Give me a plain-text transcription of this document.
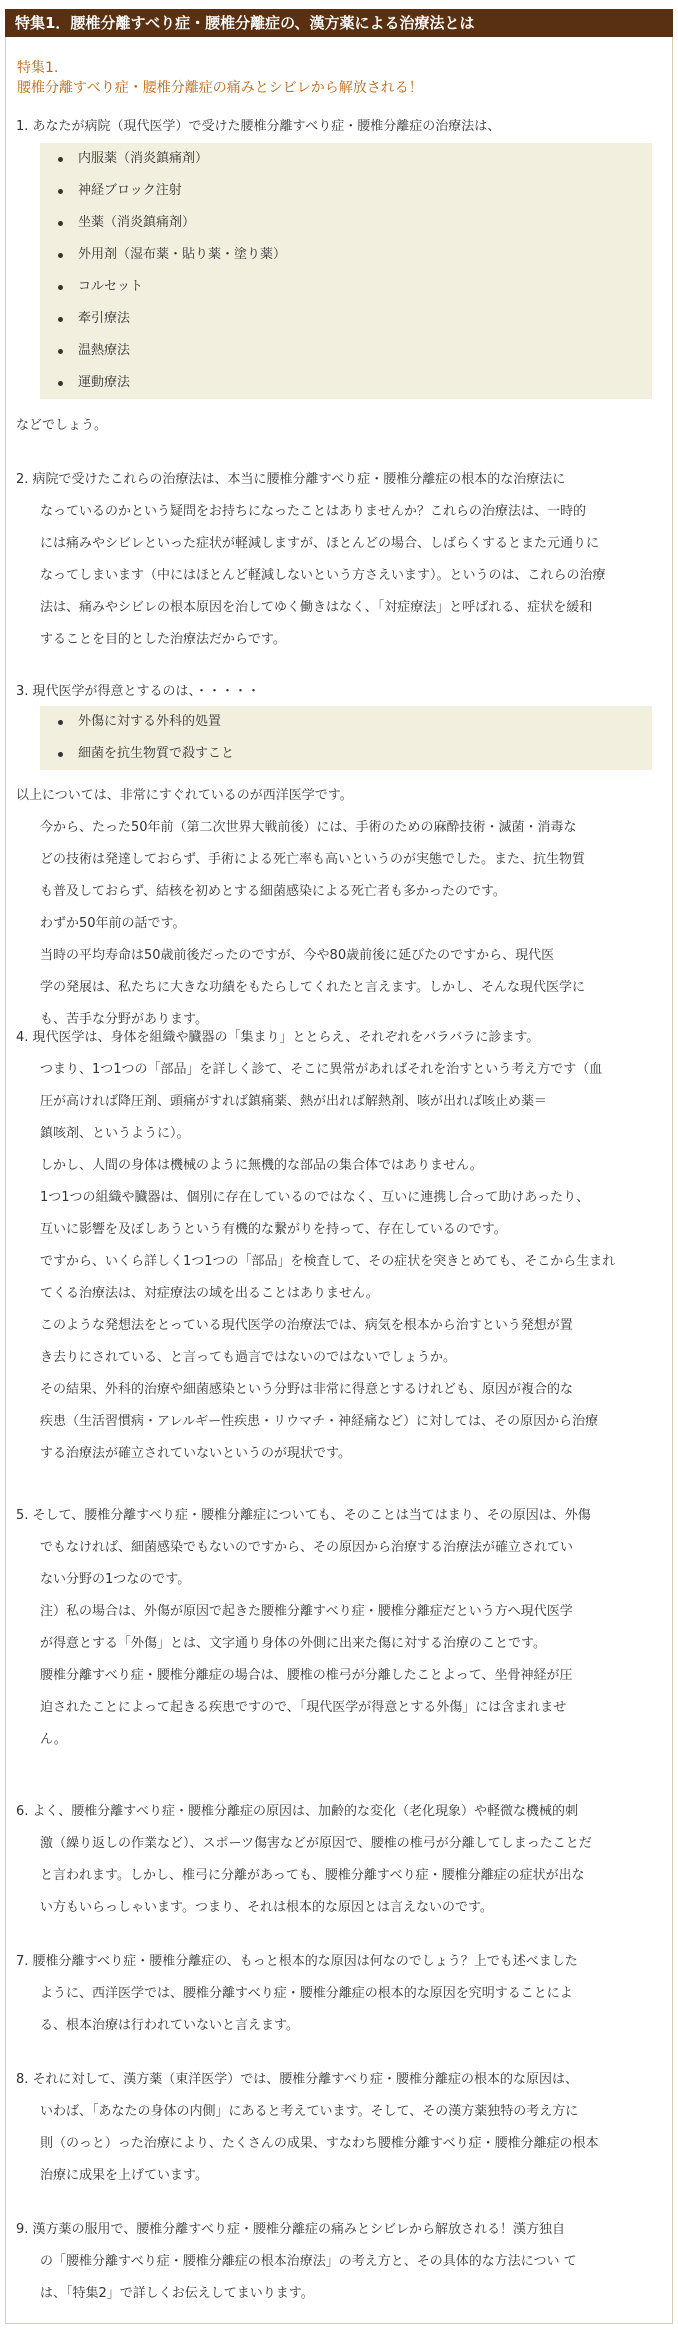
特集1．腰椎分離すべり症・腰椎分離症の、漢方薬による治療法とは
特集1.
腰椎分離すべり症・腰椎分離症の痛みとシビレから解放される！
1. あなたが病院（現代医学）で受けた腰椎分離すべり症・腰椎分離症の治療法は、
内服薬（消炎鎮痛剤）
神経ブロック注射
坐薬（消炎鎮痛剤）
外用剤（湿布薬・貼り薬・塗り薬）
コルセット
牽引療法
温熱療法
運動療法
などでしょう。
2. 病院で受けたこれらの治療法は、本当に腰椎分離すべり症・腰椎分離症の根本的な治療法に
なっているのかという疑問をお持ちになったことはありませんか？これらの治療法は、一時的
には痛みやシビレといった症状が軽減しますが、ほとんどの場合、しばらくするとまた元通りに
なってしまいます（中にはほとんど軽減しないという方さえいます）。というのは、これらの治療
法は、痛みやシビレの根本原因を治してゆく働きはなく、「対症療法」と呼ばれる、症状を緩和
することを目的とした治療法だからです。
3. 現代医学が得意とするのは、・・・・・
外傷に対する外科的処置
細菌を抗生物質で殺すこと
以上については、非常にすぐれているのが西洋医学です。
今から、たった50年前（第二次世界大戦前後）には、手術のための麻酔技術・滅菌・消毒な
どの技術は発達しておらず、手術による死亡率も高いというのが実態でした。また、抗生物質
も普及しておらず、結核を初めとする細菌感染による死亡者も多かったのです。
わずか50年前の話です。
当時の平均寿命は50歳前後だったのですが、今や80歳前後に延びたのですから、現代医
学の発展は、私たちに大きな功績をもたらしてくれたと言えます。しかし、そんな現代医学に
も、苦手な分野があります。
4. 現代医学は、身体を組織や臓器の「集まり」ととらえ、それぞれをバラバラに診ます。
つまり、1つ1つの「部品」を詳しく診て、そこに異常があればそれを治すという考え方です（血
圧が高ければ降圧剤、頭痛がすれば鎮痛薬、熱が出れば解熱剤、咳が出れば咳止め薬＝
鎮咳剤、というように）。
しかし、人間の身体は機械のように無機的な部品の集合体ではありません。
1つ1つの組織や臓器は、個別に存在しているのではなく、互いに連携し合って助けあったり、
互いに影響を及ぼしあうという有機的な繋がりを持って、存在しているのです。
ですから、いくら詳しく1つ1つの「部品」を検査して、その症状を突きとめても、そこから生まれ
てくる治療法は、対症療法の域を出ることはありません。
このような発想法をとっている現代医学の治療法では、病気を根本から治すという発想が置
き去りにされている、と言っても過言ではないのではないでしょうか。
その結果、外科的治療や細菌感染という分野は非常に得意とするけれども、原因が複合的な
疾患（生活習慣病・アレルギー性疾患・リウマチ・神経痛など）に対しては、その原因から治療
する治療法が確立されていないというのが現状です。
5. そして、腰椎分離すべり症・腰椎分離症についても、そのことは当てはまり、その原因は、外傷
でもなければ、細菌感染でもないのですから、その原因から治療する治療法が確立されてい
ない分野の1つなのです。
注）私の場合は、外傷が原因で起きた腰椎分離すべり症・腰椎分離症だという方へ現代医学
が得意とする「外傷」とは、文字通り身体の外側に出来た傷に対する治療のことです。
腰椎分離すべり症・腰椎分離症の場合は、腰椎の椎弓が分離したことよって、坐骨神経が圧
迫されたことによって起きる疾患ですので、「現代医学が得意とする外傷」には含まれませ
ん。
6. よく、腰椎分離すべり症・腰椎分離症の原因は、加齢的な変化（老化現象）や軽微な機械的刺
激（繰り返しの作業など）、スポーツ傷害などが原因で、腰椎の椎弓が分離してしまったことだ
と言われます。しかし、椎弓に分離があっても、腰椎分離すべり症・腰椎分離症の症状が出な
い方もいらっしゃいます。つまり、それは根本的な原因とは言えないのです。
7. 腰椎分離すべり症・腰椎分離症の、もっと根本的な原因は何なのでしょう？上でも述べました
ように、西洋医学では、腰椎分離すべり症・腰椎分離症の根本的な原因を究明することによ
る、根本治療は行われていないと言えます。
8. それに対して、漢方薬（東洋医学）では、腰椎分離すべり症・腰椎分離症の根本的な原因は、
いわば、「あなたの身体の内側」にあると考えています。そして、その漢方薬独特の考え方に
則（のっと）った治療により、たくさんの成果、すなわち腰椎分離すべり症・腰椎分離症の根本
治療に成果を上げています。
9. 漢方薬の服用で、腰椎分離すべり症・腰椎分離症の痛みとシビレから解放される！漢方独自
の「腰椎分離すべり症・腰椎分離症の根本治療法」の考え方と、その具体的な方法につい て
は、「特集2」で詳しくお伝えしてまいります。
